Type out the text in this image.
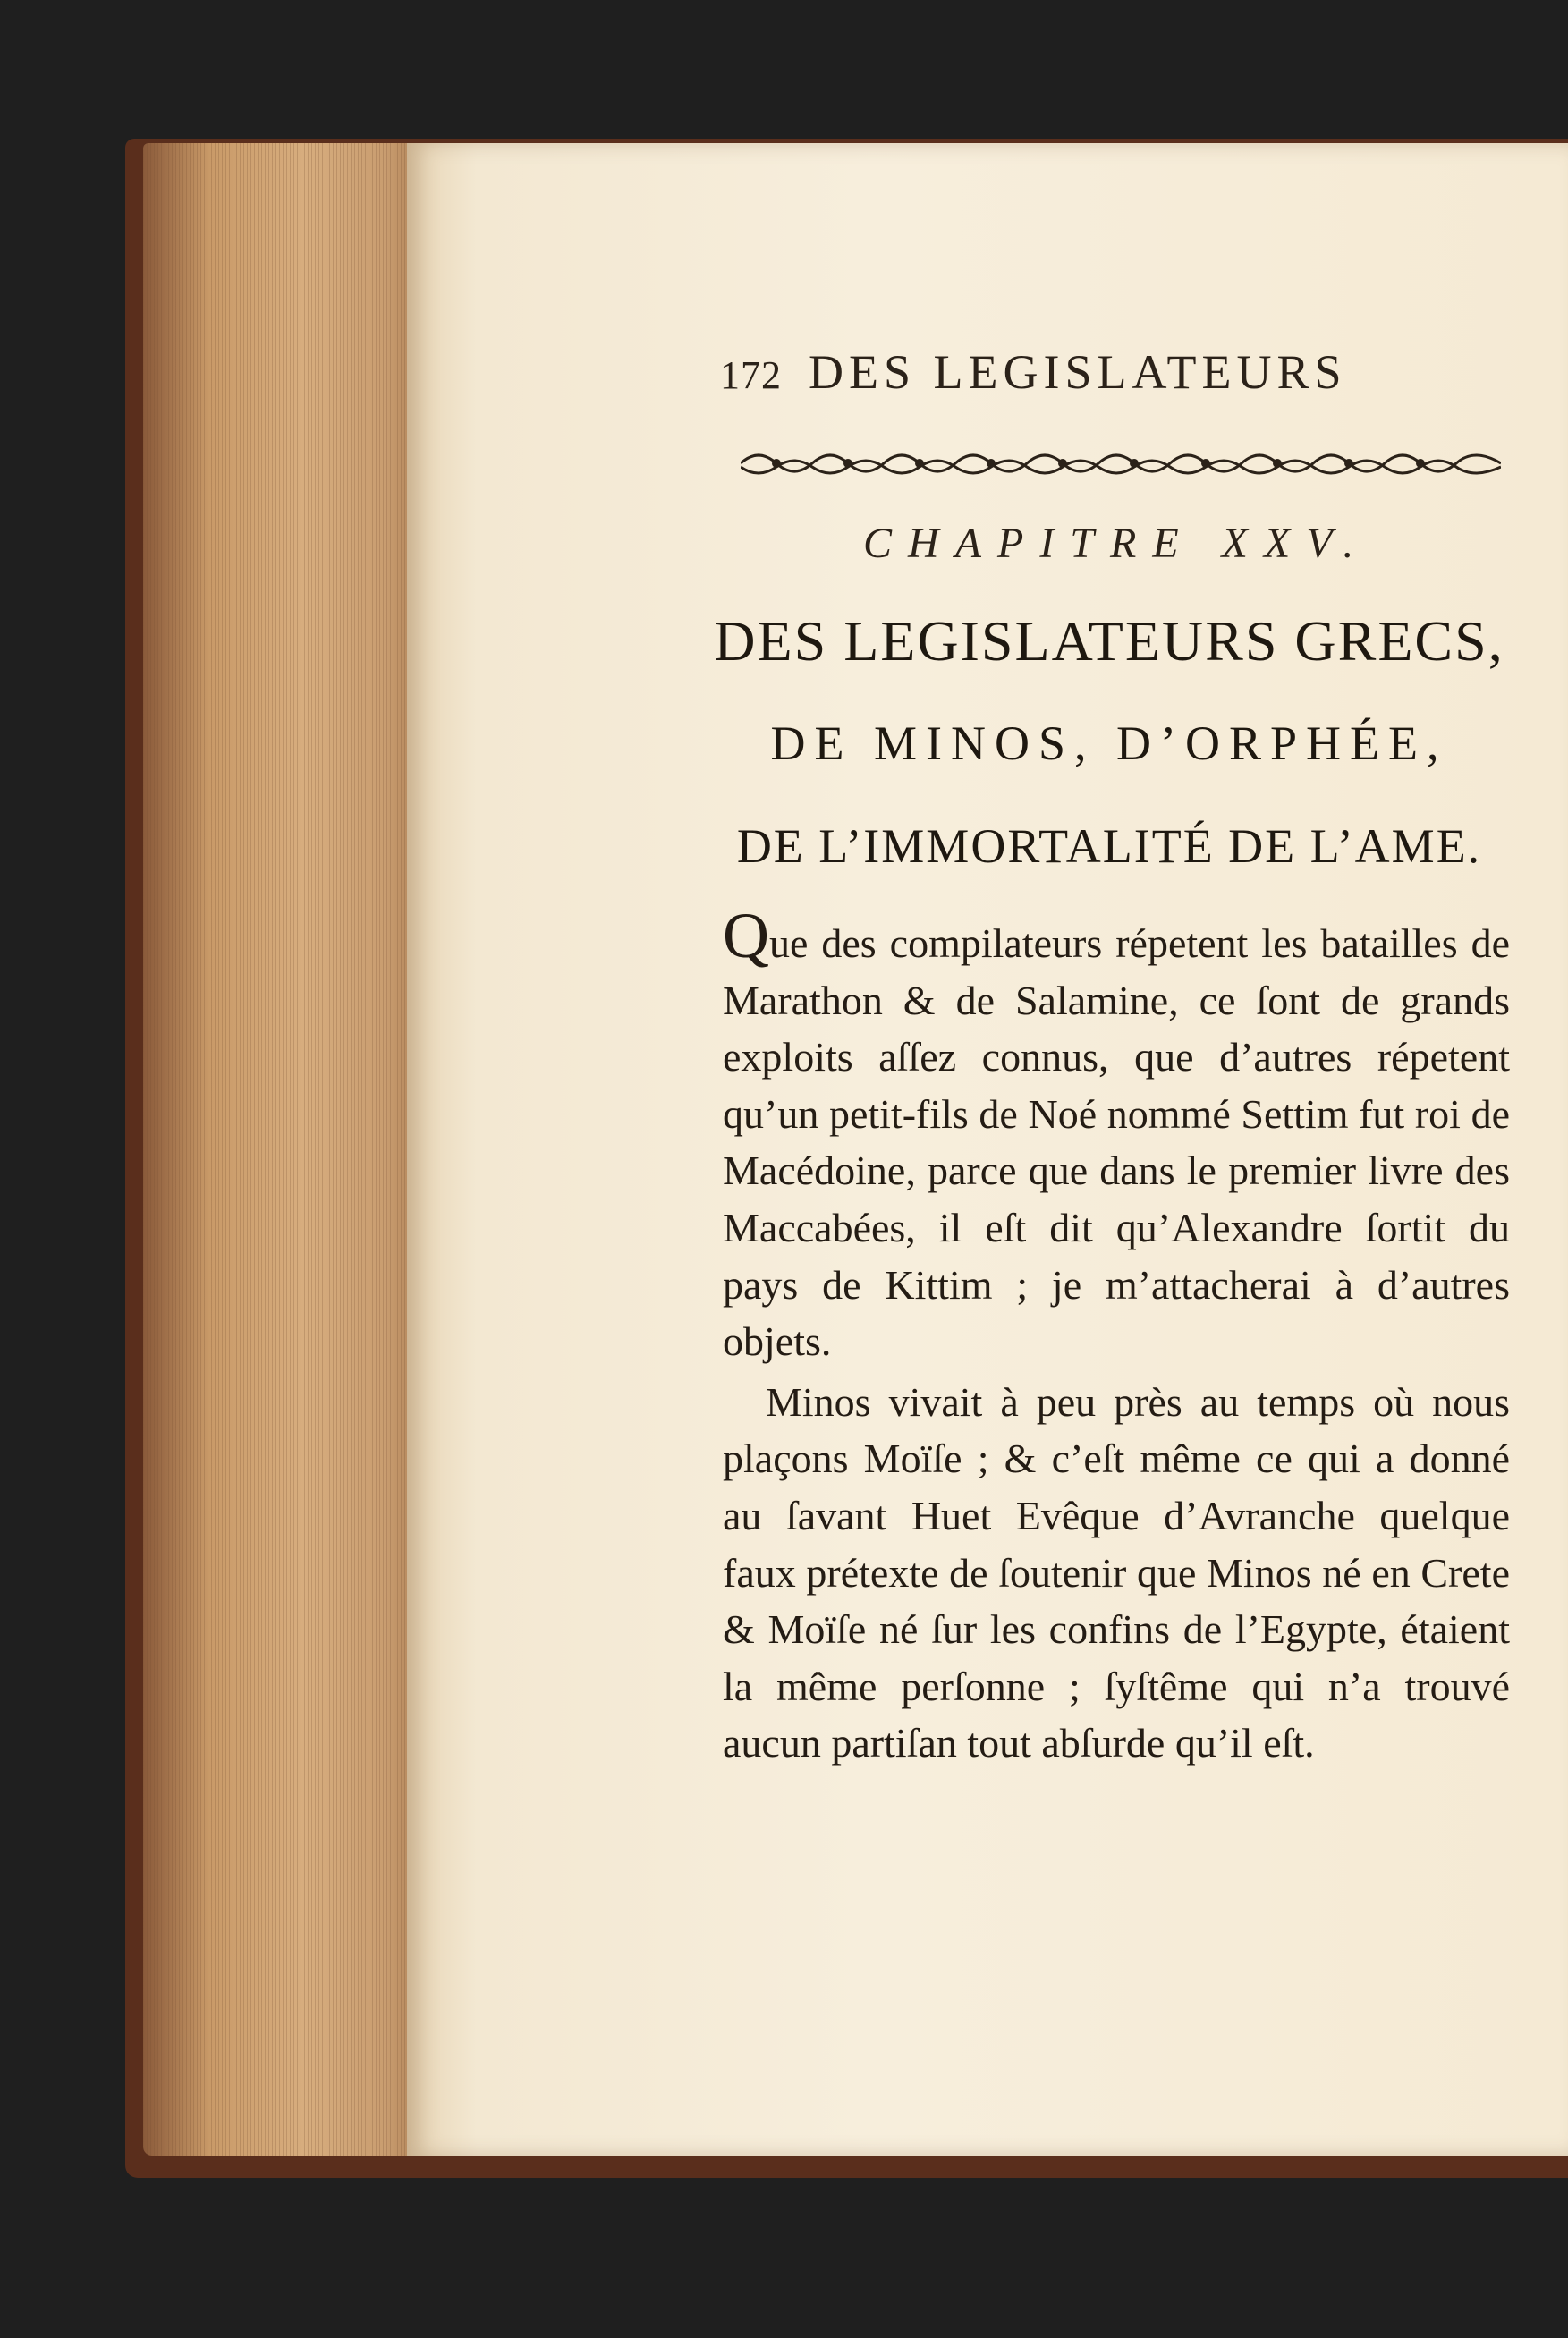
172 DES LEGISLATEURS
CHAPITRE XXV.
DES LEGISLATEURS GRECS,
DE MINOS, D’ORPHÉE,
DE L’IMMORTALITÉ DE L’AME.

Que des compilateurs répetent les batailles de Marathon & de Salamine, ce ſont de grands exploits aſſez connus, que d’autres répetent qu’un petit-fils de Noé nommé Settim fut roi de Macédoine, parce que dans le premier livre des Maccabées, il eſt dit qu’Alexandre ſortit du pays de Kittim ; je m’attacherai à d’autres objets.

Minos vivait à peu près au temps où nous plaçons Moïſe ; & c’eſt même ce qui a donné au ſavant Huet Evêque d’Avranche quelque faux prétexte de ſoutenir que Minos né en Crete & Moïſe né ſur les confins de l’Egypte, étaient la même perſonne ; ſyſtême qui n’a trouvé aucun partiſan tout abſurde qu’il eſt.
